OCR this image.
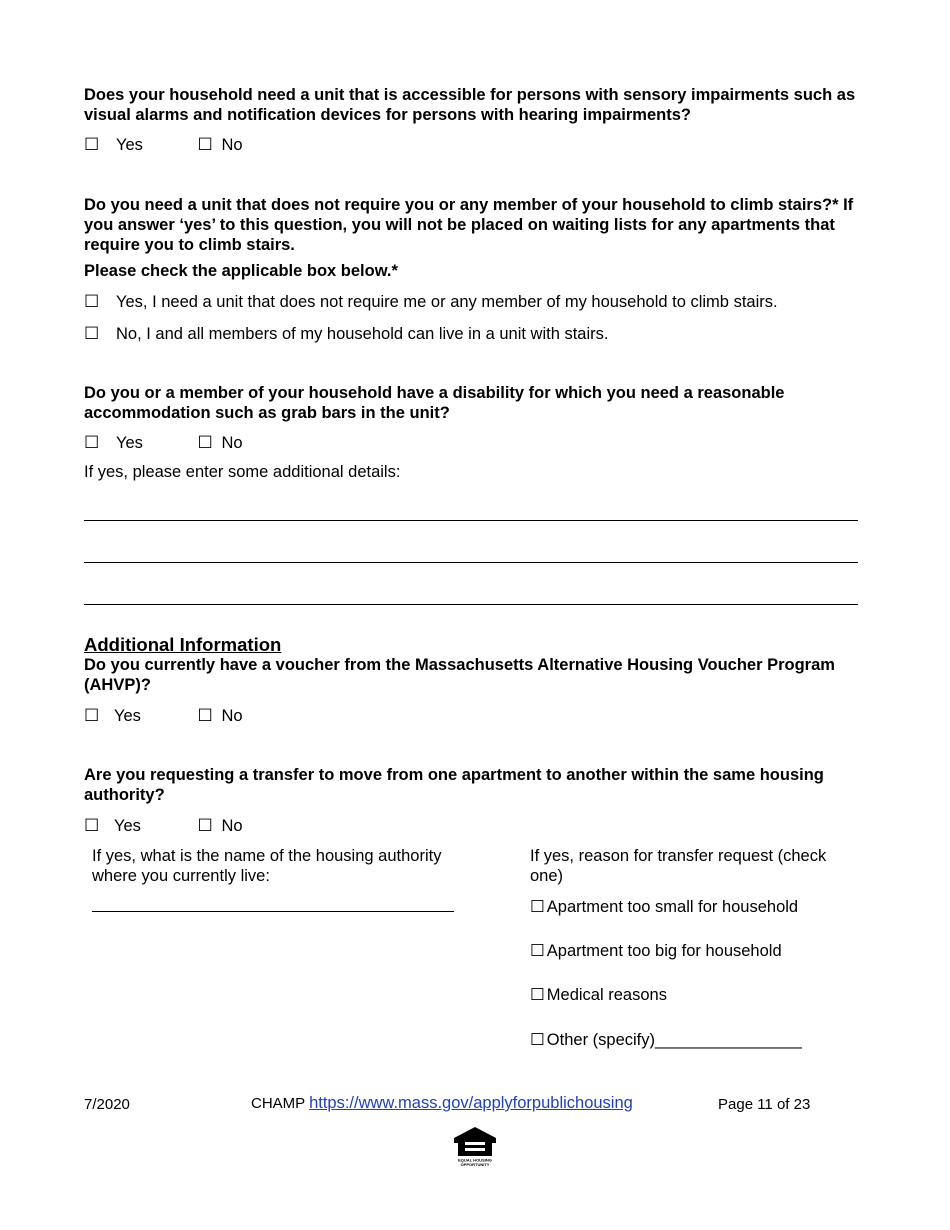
Does your household need a unit that is accessible for persons with sensory impairments such as visual alarms and notification devices for persons with hearing impairments?
☐	Yes
	☐ No
Do you need a unit that does not require you or any member of your household to climb stairs?* If you answer ‘yes’ to this question, you will not be placed on waiting lists for any apartments that require you to climb stairs.
Please check the applicable box below.*
☐ Yes, I need a unit that does not require me or any member of my household to climb stairs.
☐ No, I and all members of my household can live in a unit with stairs.
Do you or a member of your household have a disability for which you need a reasonable accommodation such as grab bars in the unit?
☐	Yes
	☐ No
If yes, please enter some additional details:
Additional Information
Do you currently have a voucher from the Massachusetts Alternative Housing Voucher Program (AHVP)?
☐ Yes
	☐ No
Are you requesting a transfer to move from one apartment to another within the same housing authority?
☐ Yes
	☐ No
If yes, what is the name of the housing authority where you currently live:
If yes, reason for transfer request (check one)
☐ Apartment too small for household
☐ Apartment too big for household
☐ Medical reasons
☐ Other (specify)________________
7/2020	CHAMP https://www.mass.gov/applyforpublichousing	Page 11 of 23
EQUAL HOUSING
OPPORTUNITY
